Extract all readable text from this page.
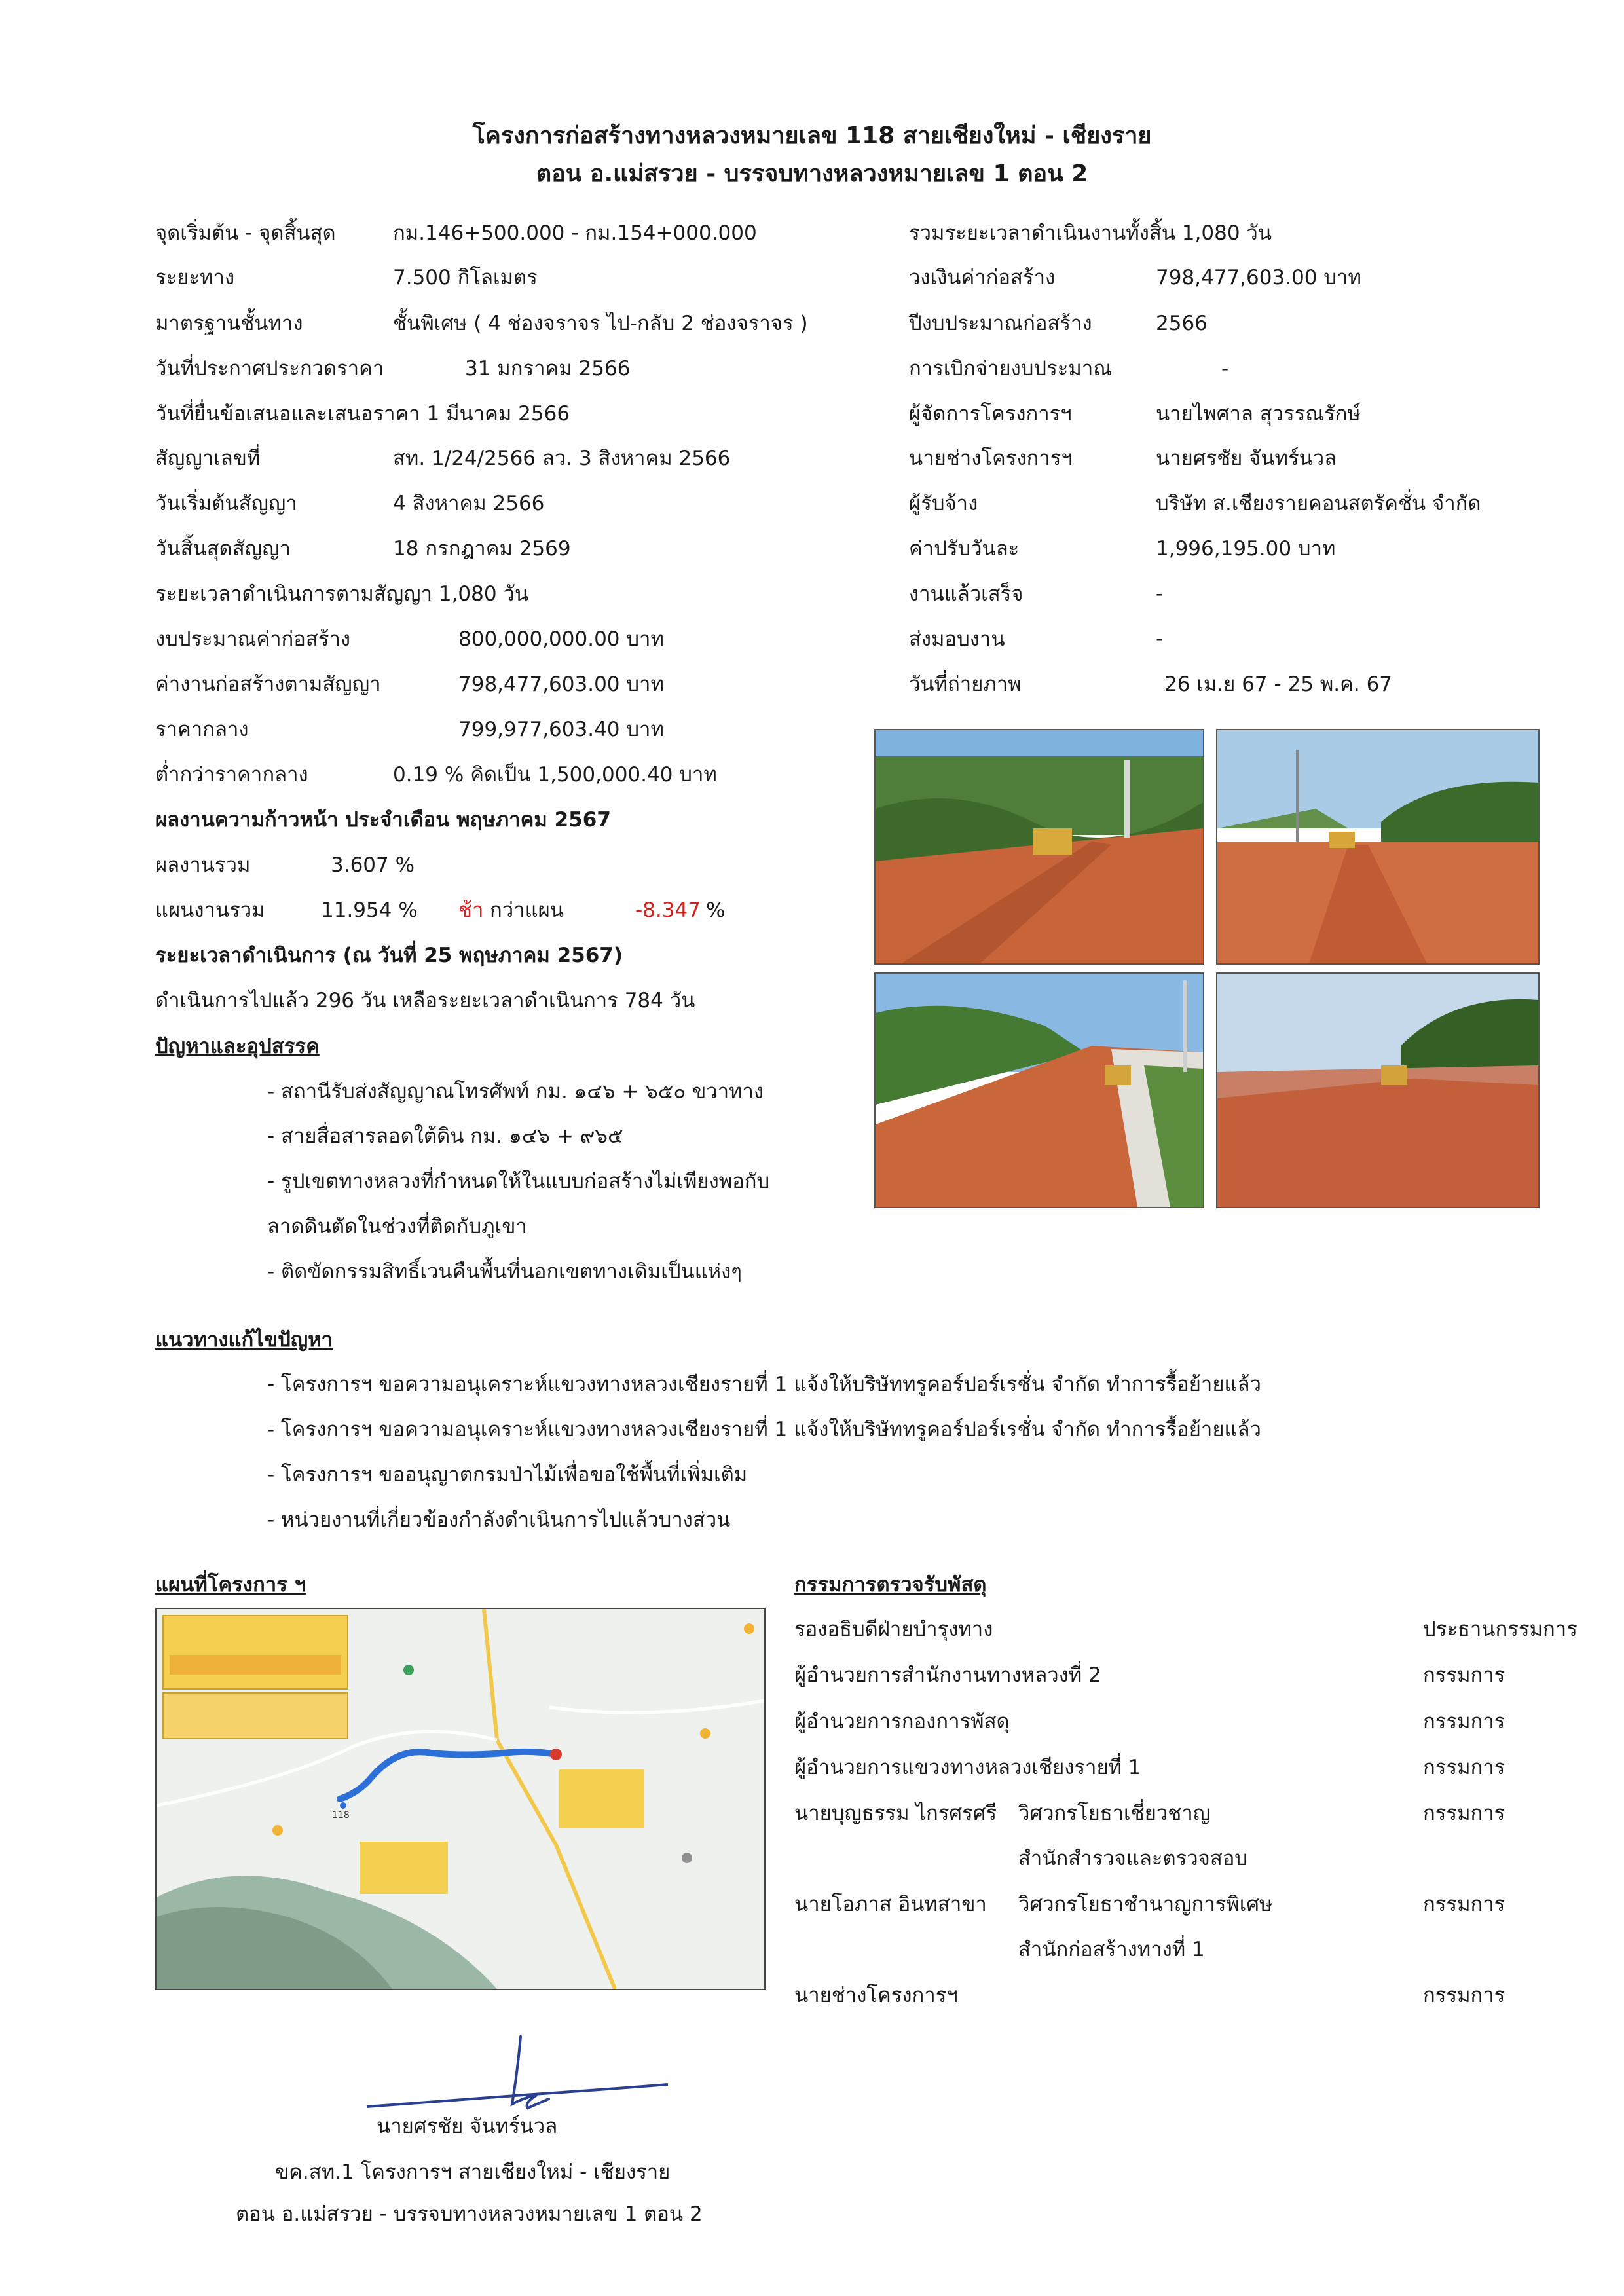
โครงการก่อสร้างทางหลวงหมายเลข 118 สายเชียงใหม่ - เชียงราย
ตอน อ.แม่สรวย - บรรจบทางหลวงหมายเลข 1 ตอน 2
จุดเริ่มต้น - จุดสิ้นสุด	กม.146+500.000 - กม.154+000.000
ระยะทาง	7.500 กิโลเมตร
มาตรฐานชั้นทาง	ชั้นพิเศษ ( 4 ช่องจราจร ไป-กลับ 2 ช่องจราจร )
วันที่ประกาศประกวดราคา	31 มกราคม 2566
วันที่ยื่นข้อเสนอและเสนอราคา 1 มีนาคม 2566
สัญญาเลขที่	สท. 1/24/2566 ลว. 3 สิงหาคม 2566
วันเริ่มต้นสัญญา	4 สิงหาคม 2566
วันสิ้นสุดสัญญา	18 กรกฎาคม 2569
ระยะเวลาดำเนินการตามสัญญา 1,080 วัน
งบประมาณค่าก่อสร้าง	800,000,000.00 บาท
ค่างานก่อสร้างตามสัญญา	798,477,603.00 บาท
ราคากลาง	799,977,603.40 บาท
ต่ำกว่าราคากลาง	0.19 % คิดเป็น 1,500,000.40 บาท
รวมระยะเวลาดำเนินงานทั้งสิ้น 1,080 วัน
วงเงินค่าก่อสร้าง	798,477,603.00 บาท
ปีงบประมาณก่อสร้าง	2566
การเบิกจ่ายงบประมาณ	-
ผู้จัดการโครงการฯ	นายไพศาล สุวรรณรักษ์
นายช่างโครงการฯ	นายศรชัย จันทร์นวล
ผู้รับจ้าง	บริษัท ส.เชียงรายคอนสตรัคชั่น จำกัด
ค่าปรับวันละ	1,996,195.00 บาท
งานแล้วเสร็จ	-
ส่งมอบงาน	-
วันที่ถ่ายภาพ	26 เม.ย 67 - 25 พ.ค. 67
ผลงานความก้าวหน้า ประจำเดือน พฤษภาคม 2567
ผลงานรวม	3.607 %
แผนงานรวม	11.954 % ช้า กว่าแผน	-8.347 %
ระยะเวลาดำเนินการ (ณ วันที่ 25 พฤษภาคม 2567)
ดำเนินการไปแล้ว 296 วัน เหลือระยะเวลาดำเนินการ 784 วัน
ปัญหาและอุปสรรค
- สถานีรับส่งสัญญาณโทรศัพท์ กม. ๑๔๖ + ๖๕๐ ขวาทาง
- สายสื่อสารลอดใต้ดิน กม. ๑๔๖ + ๙๖๕
- รูปเขตทางหลวงที่กำหนดให้ในแบบก่อสร้างไม่เพียงพอกับ
ลาดดินตัดในช่วงที่ติดกับภูเขา
- ติดขัดกรรมสิทธิ์เวนคืนพื้นที่นอกเขตทางเดิมเป็นแห่งๆ
แนวทางแก้ไขปัญหา
- โครงการฯ ขอความอนุเคราะห์แขวงทางหลวงเชียงรายที่ 1 แจ้งให้บริษัททรูคอร์ปอร์เรชั่น จำกัด ทำการรื้อย้ายแล้ว
- โครงการฯ ขอความอนุเคราะห์แขวงทางหลวงเชียงรายที่ 1 แจ้งให้บริษัททรูคอร์ปอร์เรชั่น จำกัด ทำการรื้อย้ายแล้ว
- โครงการฯ ขออนุญาตกรมป่าไม้เพื่อขอใช้พื้นที่เพิ่มเติม
- หน่วยงานที่เกี่ยวข้องกำลังดำเนินการไปแล้วบางส่วน
แผนที่โครงการ ฯ
118
กรรมการตรวจรับพัสดุ
รองอธิบดีฝ่ายบำรุงทาง	ประธานกรรมการ
ผู้อำนวยการสำนักงานทางหลวงที่ 2	กรรมการ
ผู้อำนวยการกองการพัสดุ	กรรมการ
ผู้อำนวยการแขวงทางหลวงเชียงรายที่ 1	กรรมการ
นายบุญธรรม ไกรศรศรี วิศวกรโยธาเชี่ยวชาญ
สำนักสำรวจและตรวจสอบ
กรรมการ
นายโอภาส อินทสาขา วิศวกรโยธาชำนาญการพิเศษ
สำนักก่อสร้างทางที่ 1
กรรมการ
นายช่างโครงการฯ	กรรมการ
นายศรชัย จันทร์นวล
ขค.สท.1 โครงการฯ สายเชียงใหม่ - เชียงราย
ตอน อ.แม่สรวย - บรรจบทางหลวงหมายเลข 1 ตอน 2
